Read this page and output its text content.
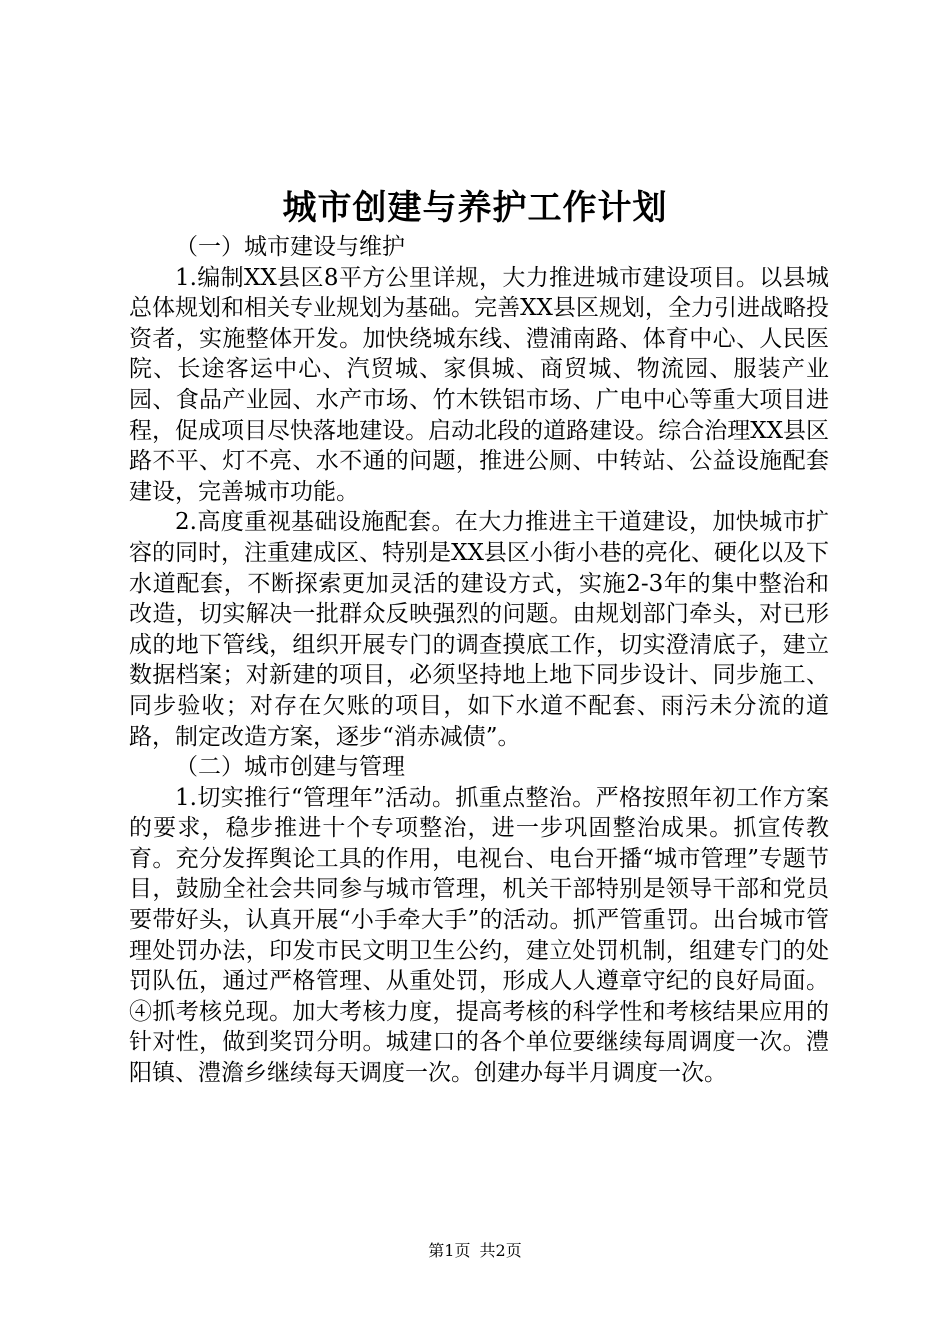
城市创建与养护工作计划

（一）城市建设与维护

1.编制XX县区8平方公里详规，大力推进城市建设项目。以县城总体规划和相关专业规划为基础。完善XX县区规划，全力引进战略投资者，实施整体开发。加快绕城东线、澧浦南路、体育中心、人民医院、长途客运中心、汽贸城、家俱城、商贸城、物流园、服装产业园、食品产业园、水产市场、竹木铁铝市场、广电中心等重大项目进程，促成项目尽快落地建设。启动北段的道路建设。综合治理XX县区路不平、灯不亮、水不通的问题，推进公厕、中转站、公益设施配套建设，完善城市功能。

2.高度重视基础设施配套。在大力推进主干道建设，加快城市扩容的同时，注重建成区、特别是XX县区小街小巷的亮化、硬化以及下水道配套，不断探索更加灵活的建设方式，实施2-3年的集中整治和改造，切实解决一批群众反映强烈的问题。由规划部门牵头，对已形成的地下管线，组织开展专门的调查摸底工作，切实澄清底子，建立数据档案；对新建的项目，必须坚持地上地下同步设计、同步施工、同步验收；对存在欠账的项目，如下水道不配套、雨污未分流的道路，制定改造方案，逐步“消赤减债”。

（二）城市创建与管理

1.切实推行“管理年”活动。抓重点整治。严格按照年初工作方案的要求，稳步推进十个专项整治，进一步巩固整治成果。抓宣传教育。充分发挥舆论工具的作用，电视台、电台开播“城市管理”专题节目，鼓励全社会共同参与城市管理，机关干部特别是领导干部和党员要带好头，认真开展“小手牵大手”的活动。抓严管重罚。出台城市管理处罚办法，印发市民文明卫生公约，建立处罚机制，组建专门的处罚队伍，通过严格管理、从重处罚，形成人人遵章守纪的良好局面。④抓考核兑现。加大考核力度，提高考核的科学性和考核结果应用的针对性，做到奖罚分明。城建口的各个单位要继续每周调度一次。澧阳镇、澧澹乡继续每天调度一次。创建办每半月调度一次。

第1页 共2页
